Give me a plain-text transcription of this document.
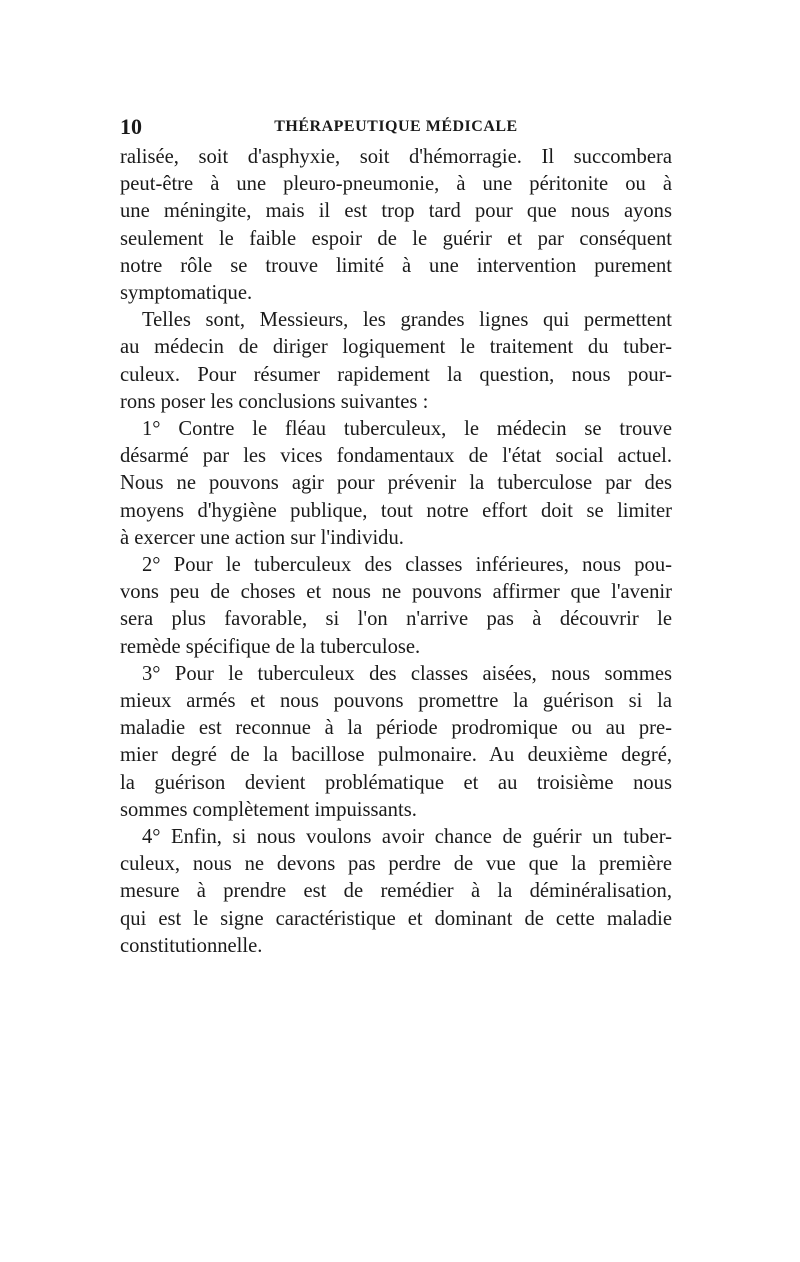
10	THÉRAPEUTIQUE MÉDICALE
ralisée, soit d'asphyxie, soit d'hémorragie. Il succombera
peut-être à une pleuro-pneumonie, à une péritonite ou à
une méningite, mais il est trop tard pour que nous ayons
seulement le faible espoir de le guérir et par conséquent
notre rôle se trouve limité à une intervention purement
symptomatique.
Telles sont, Messieurs, les grandes lignes qui permettent
au médecin de diriger logiquement le traitement du tuber-
culeux. Pour résumer rapidement la question, nous pour-
rons poser les conclusions suivantes :
1° Contre le fléau tuberculeux, le médecin se trouve
désarmé par les vices fondamentaux de l'état social actuel.
Nous ne pouvons agir pour prévenir la tuberculose par des
moyens d'hygiène publique, tout notre effort doit se limiter
à exercer une action sur l'individu.
2° Pour le tuberculeux des classes inférieures, nous pou-
vons peu de choses et nous ne pouvons affirmer que l'avenir
sera plus favorable, si l'on n'arrive pas à découvrir le
remède spécifique de la tuberculose.
3° Pour le tuberculeux des classes aisées, nous sommes
mieux armés et nous pouvons promettre la guérison si la
maladie est reconnue à la période prodromique ou au pre-
mier degré de la bacillose pulmonaire. Au deuxième degré,
la guérison devient problématique et au troisième nous
sommes complètement impuissants.
4° Enfin, si nous voulons avoir chance de guérir un tuber-
culeux, nous ne devons pas perdre de vue que la première
mesure à prendre est de remédier à la déminéralisation,
qui est le signe caractéristique et dominant de cette maladie
constitutionnelle.
